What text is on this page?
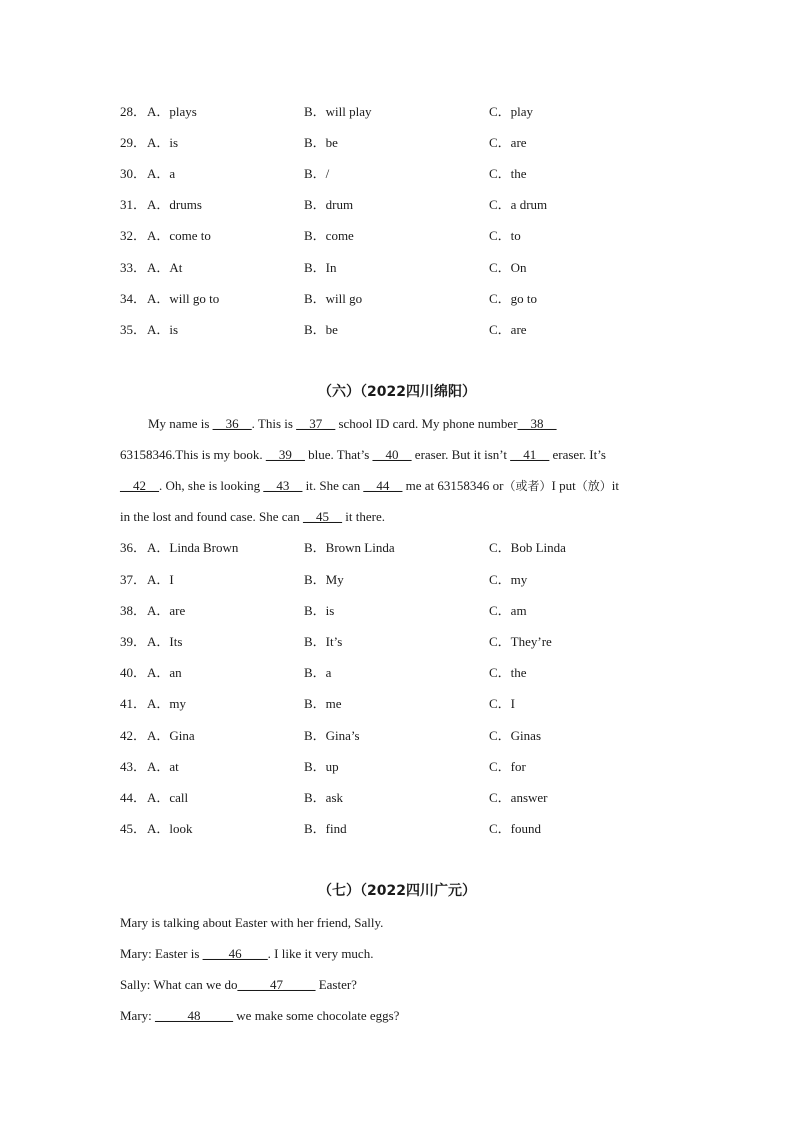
28． A．plays	B．will play	C．play
29． A．is	B．be	C．are
30． A．a	B．/	C．the
31． A．drums	B．drum	C．a drum
32． A．come to	B．come	C．to
33． A．At	B．In	C．On
34． A．will go to	B．will go	C．go to
35． A．is	B．be	C．are
（六）（2022四川绵阳）
My name is __36__. This is __37__ school ID card. My phone number__38__
63158346.This is my book. __39__ blue. That’s __40__ eraser. But it isn’t __41__ eraser. It’s
__42__. Oh, she is looking __43__ it. She can __44__ me at 63158346 or（或者）I put（放）it
in the lost and found case. She can __45__ it there.
36． A．Linda Brown	B．Brown Linda	C．Bob Linda
37． A．I	B．My	C．my
38． A．are	B．is	C．am
39． A．Its	B．It’s	C．They’re
40． A．an	B．a	C．the
41． A．my	B．me	C．I
42． A．Gina	B．Gina’s	C．Ginas
43． A．at	B．up	C．for
44． A．call	B．ask	C．answer
45． A．look	B．find	C．found
（七）（2022四川广元）
Mary is talking about Easter with her friend, Sally.
Mary: Easter is ____46____. I like it very much.
Sally: What can we do_____47_____ Easter?
Mary: _____48_____ we make some chocolate eggs?
